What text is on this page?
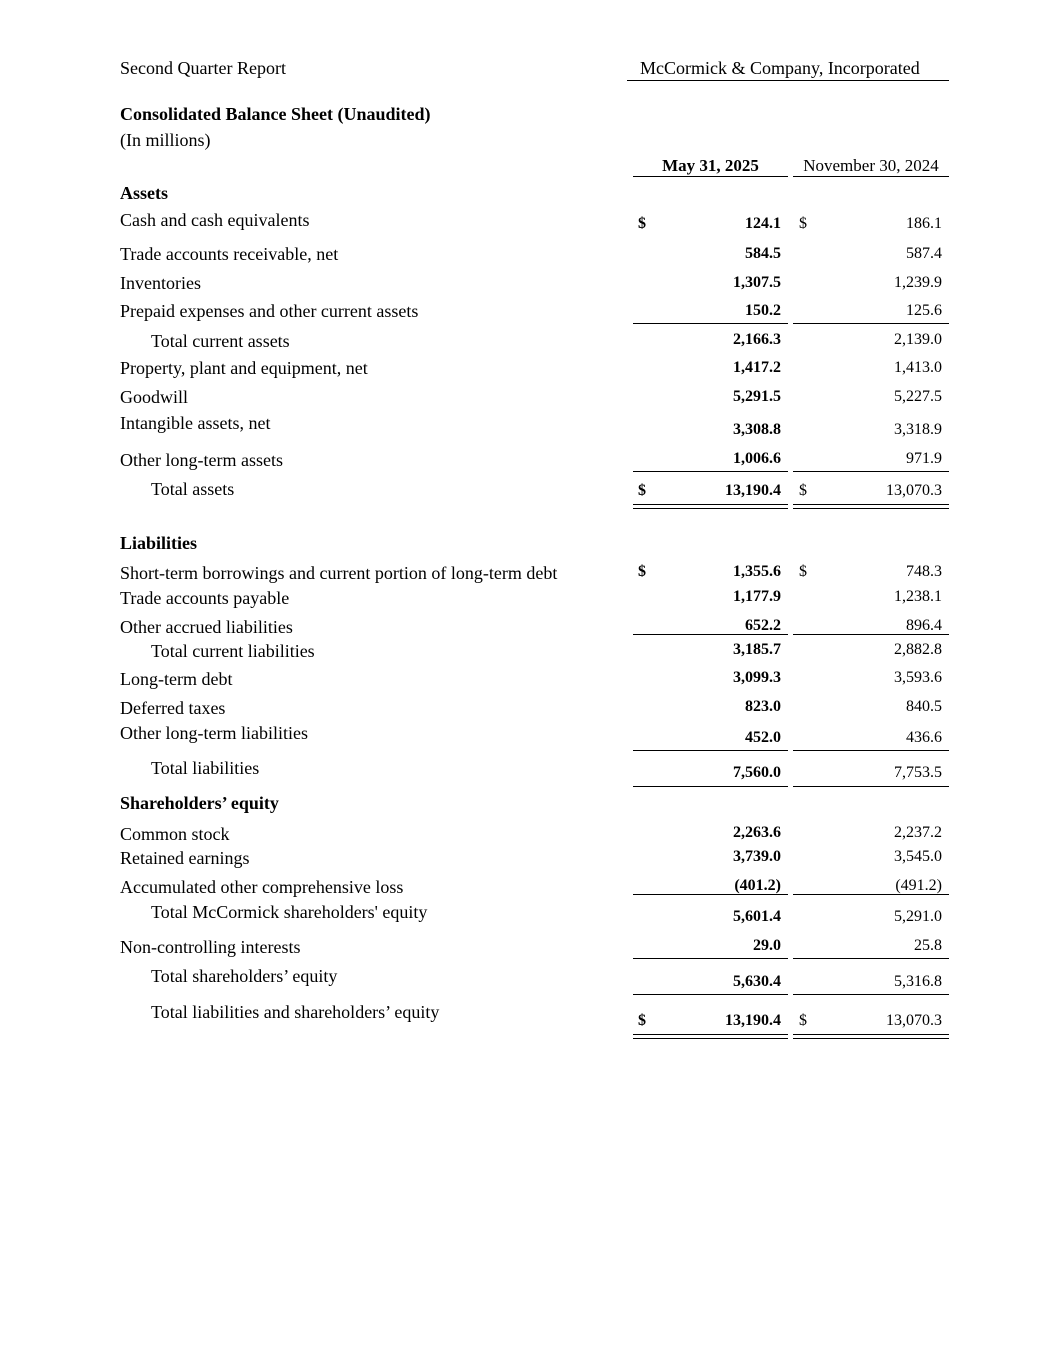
Second Quarter Report	McCormick & Company, Incorporated
Consolidated Balance Sheet (Unaudited)
(In millions)
May 31, 2025	November 30, 2024
Assets
Liabilities
Shareholders’ equity
Cash and cash equivalents	$	124.1 $	186.1
Trade accounts receivable, net	584.5	587.4
Inventories	1,307.5	1,239.9
Prepaid expenses and other current assets	150.2	125.6
Total current assets	2,166.3	2,139.0
Property, plant and equipment, net	1,417.2	1,413.0
Goodwill	5,291.5	5,227.5
Intangible assets, net	3,308.8	3,318.9
Other long-term assets	1,006.6	971.9
Total assets	$	13,190.4 $	13,070.3
Short-term borrowings and current portion of long-term debt	$	1,355.6 $	748.3
Trade accounts payable	1,177.9	1,238.1
Other accrued liabilities	652.2	896.4
Total current liabilities	3,185.7	2,882.8
Long-term debt	3,099.3	3,593.6
Deferred taxes	823.0	840.5
Other long-term liabilities	452.0	436.6
Total liabilities	7,560.0	7,753.5
Common stock	2,263.6	2,237.2
Retained earnings	3,739.0	3,545.0
Accumulated other comprehensive loss	(401.2)	(491.2)
Total McCormick shareholders' equity	5,601.4	5,291.0
Non-controlling interests	29.0	25.8
Total shareholders’ equity	5,630.4	5,316.8
Total liabilities and shareholders’ equity	$	13,190.4 $	13,070.3
